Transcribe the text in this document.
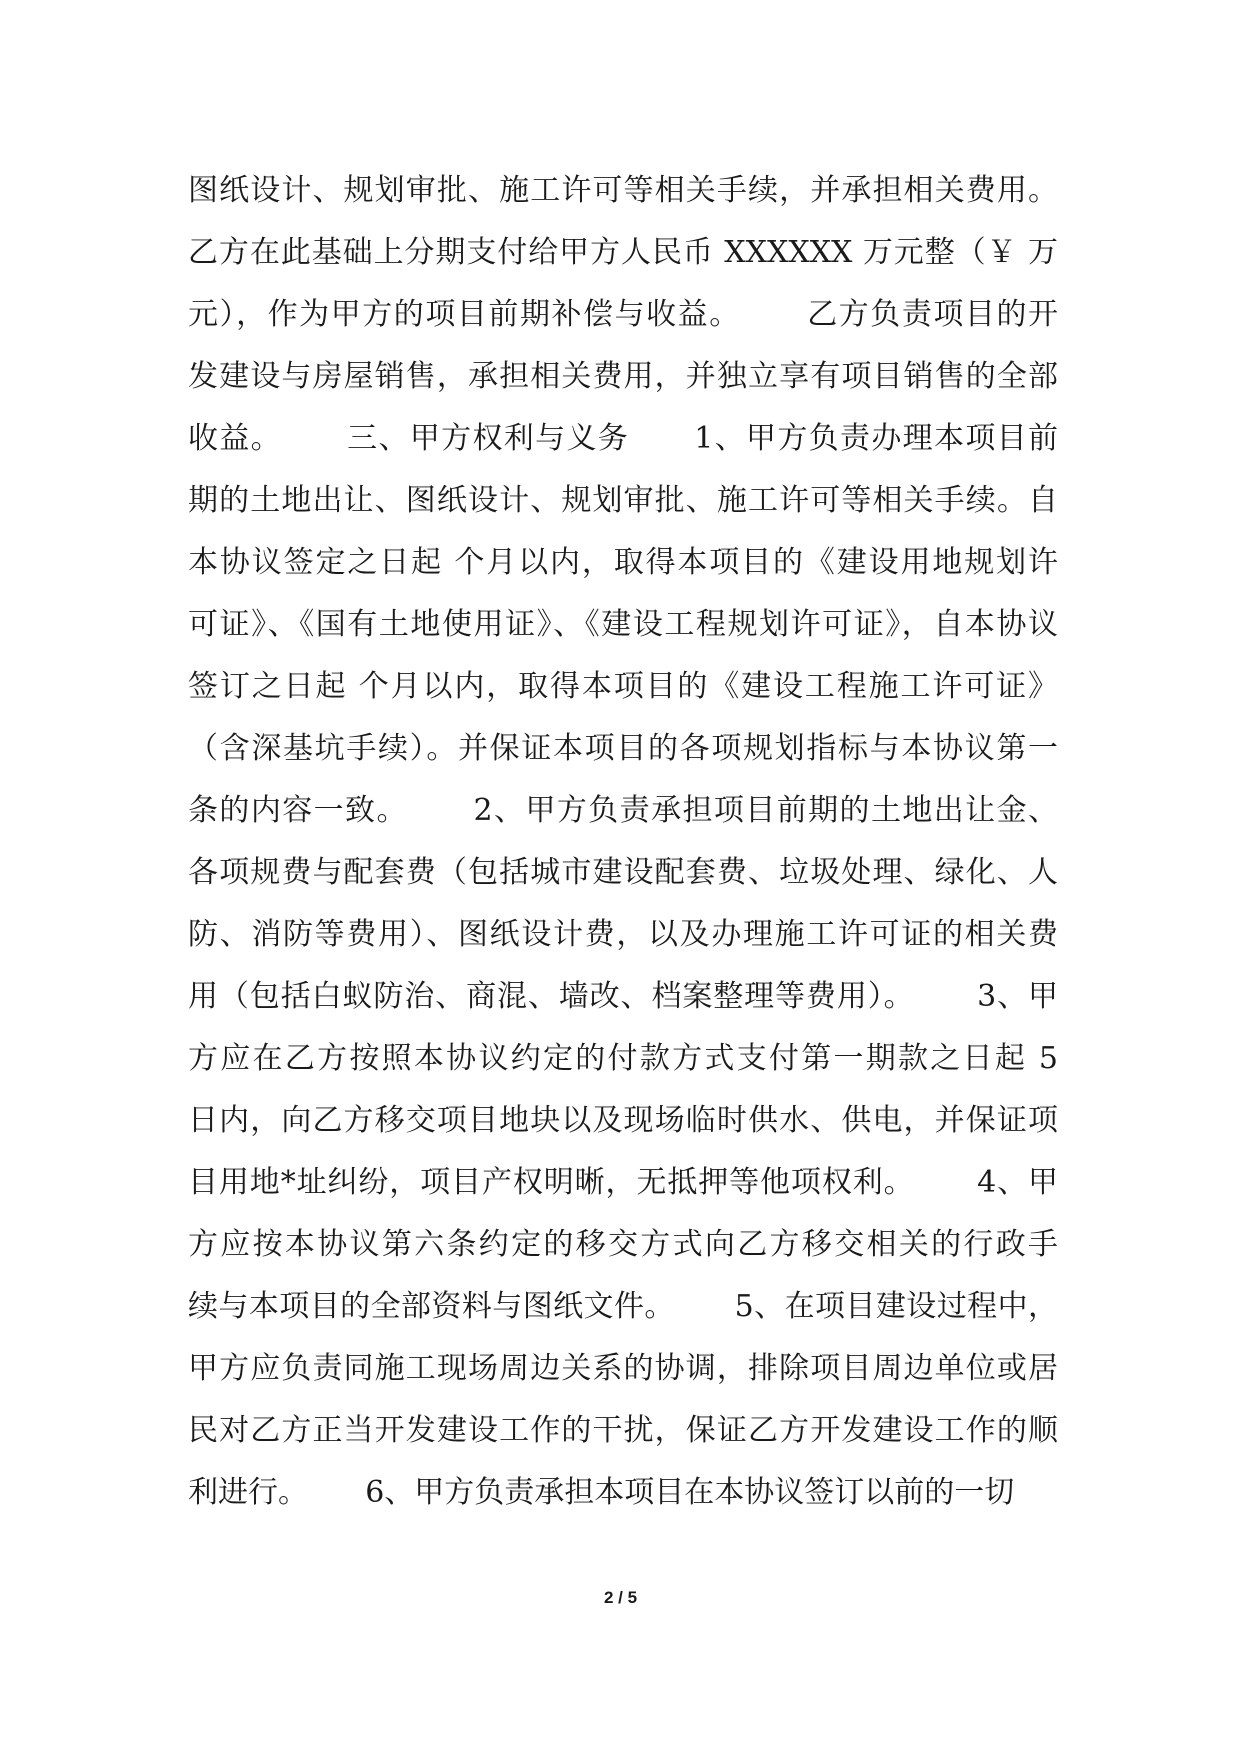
图纸设计、规划审批、施工许可等相关手续，并承担相关费用。
乙方在此基础上分期支付给甲方人民币 XXXXXX 万元整（￥ 万
元），作为甲方的项目前期补偿与收益。      乙方负责项目的开
发建设与房屋销售，承担相关费用，并独立享有项目销售的全部
收益。      三、甲方权利与义务      1、甲方负责办理本项目前
期的土地出让、图纸设计、规划审批、施工许可等相关手续。自
本协议签定之日起 个月以内，取得本项目的《建设用地规划许
可证》、《国有土地使用证》、《建设工程规划许可证》，自本协议
签订之日起 个月以内，取得本项目的《建设工程施工许可证》
（含深基坑手续）。并保证本项目的各项规划指标与本协议第一
条的内容一致。      2、甲方负责承担项目前期的土地出让金、
各项规费与配套费（包括城市建设配套费、垃圾处理、绿化、人
防、消防等费用）、图纸设计费，以及办理施工许可证的相关费
用（包括白蚁防治、商混、墙改、档案整理等费用）。      3、甲
方应在乙方按照本协议约定的付款方式支付第一期款之日起 5
日内，向乙方移交项目地块以及现场临时供水、供电，并保证项
目用地*址纠纷，项目产权明晰，无抵押等他项权利。      4、甲
方应按本协议第六条约定的移交方式向乙方移交相关的行政手
续与本项目的全部资料与图纸文件。      5、在项目建设过程中，
甲方应负责同施工现场周边关系的协调，排除项目周边单位或居
民对乙方正当开发建设工作的干扰，保证乙方开发建设工作的顺
利进行。      6、甲方负责承担本项目在本协议签订以前的一切
2 / 5
